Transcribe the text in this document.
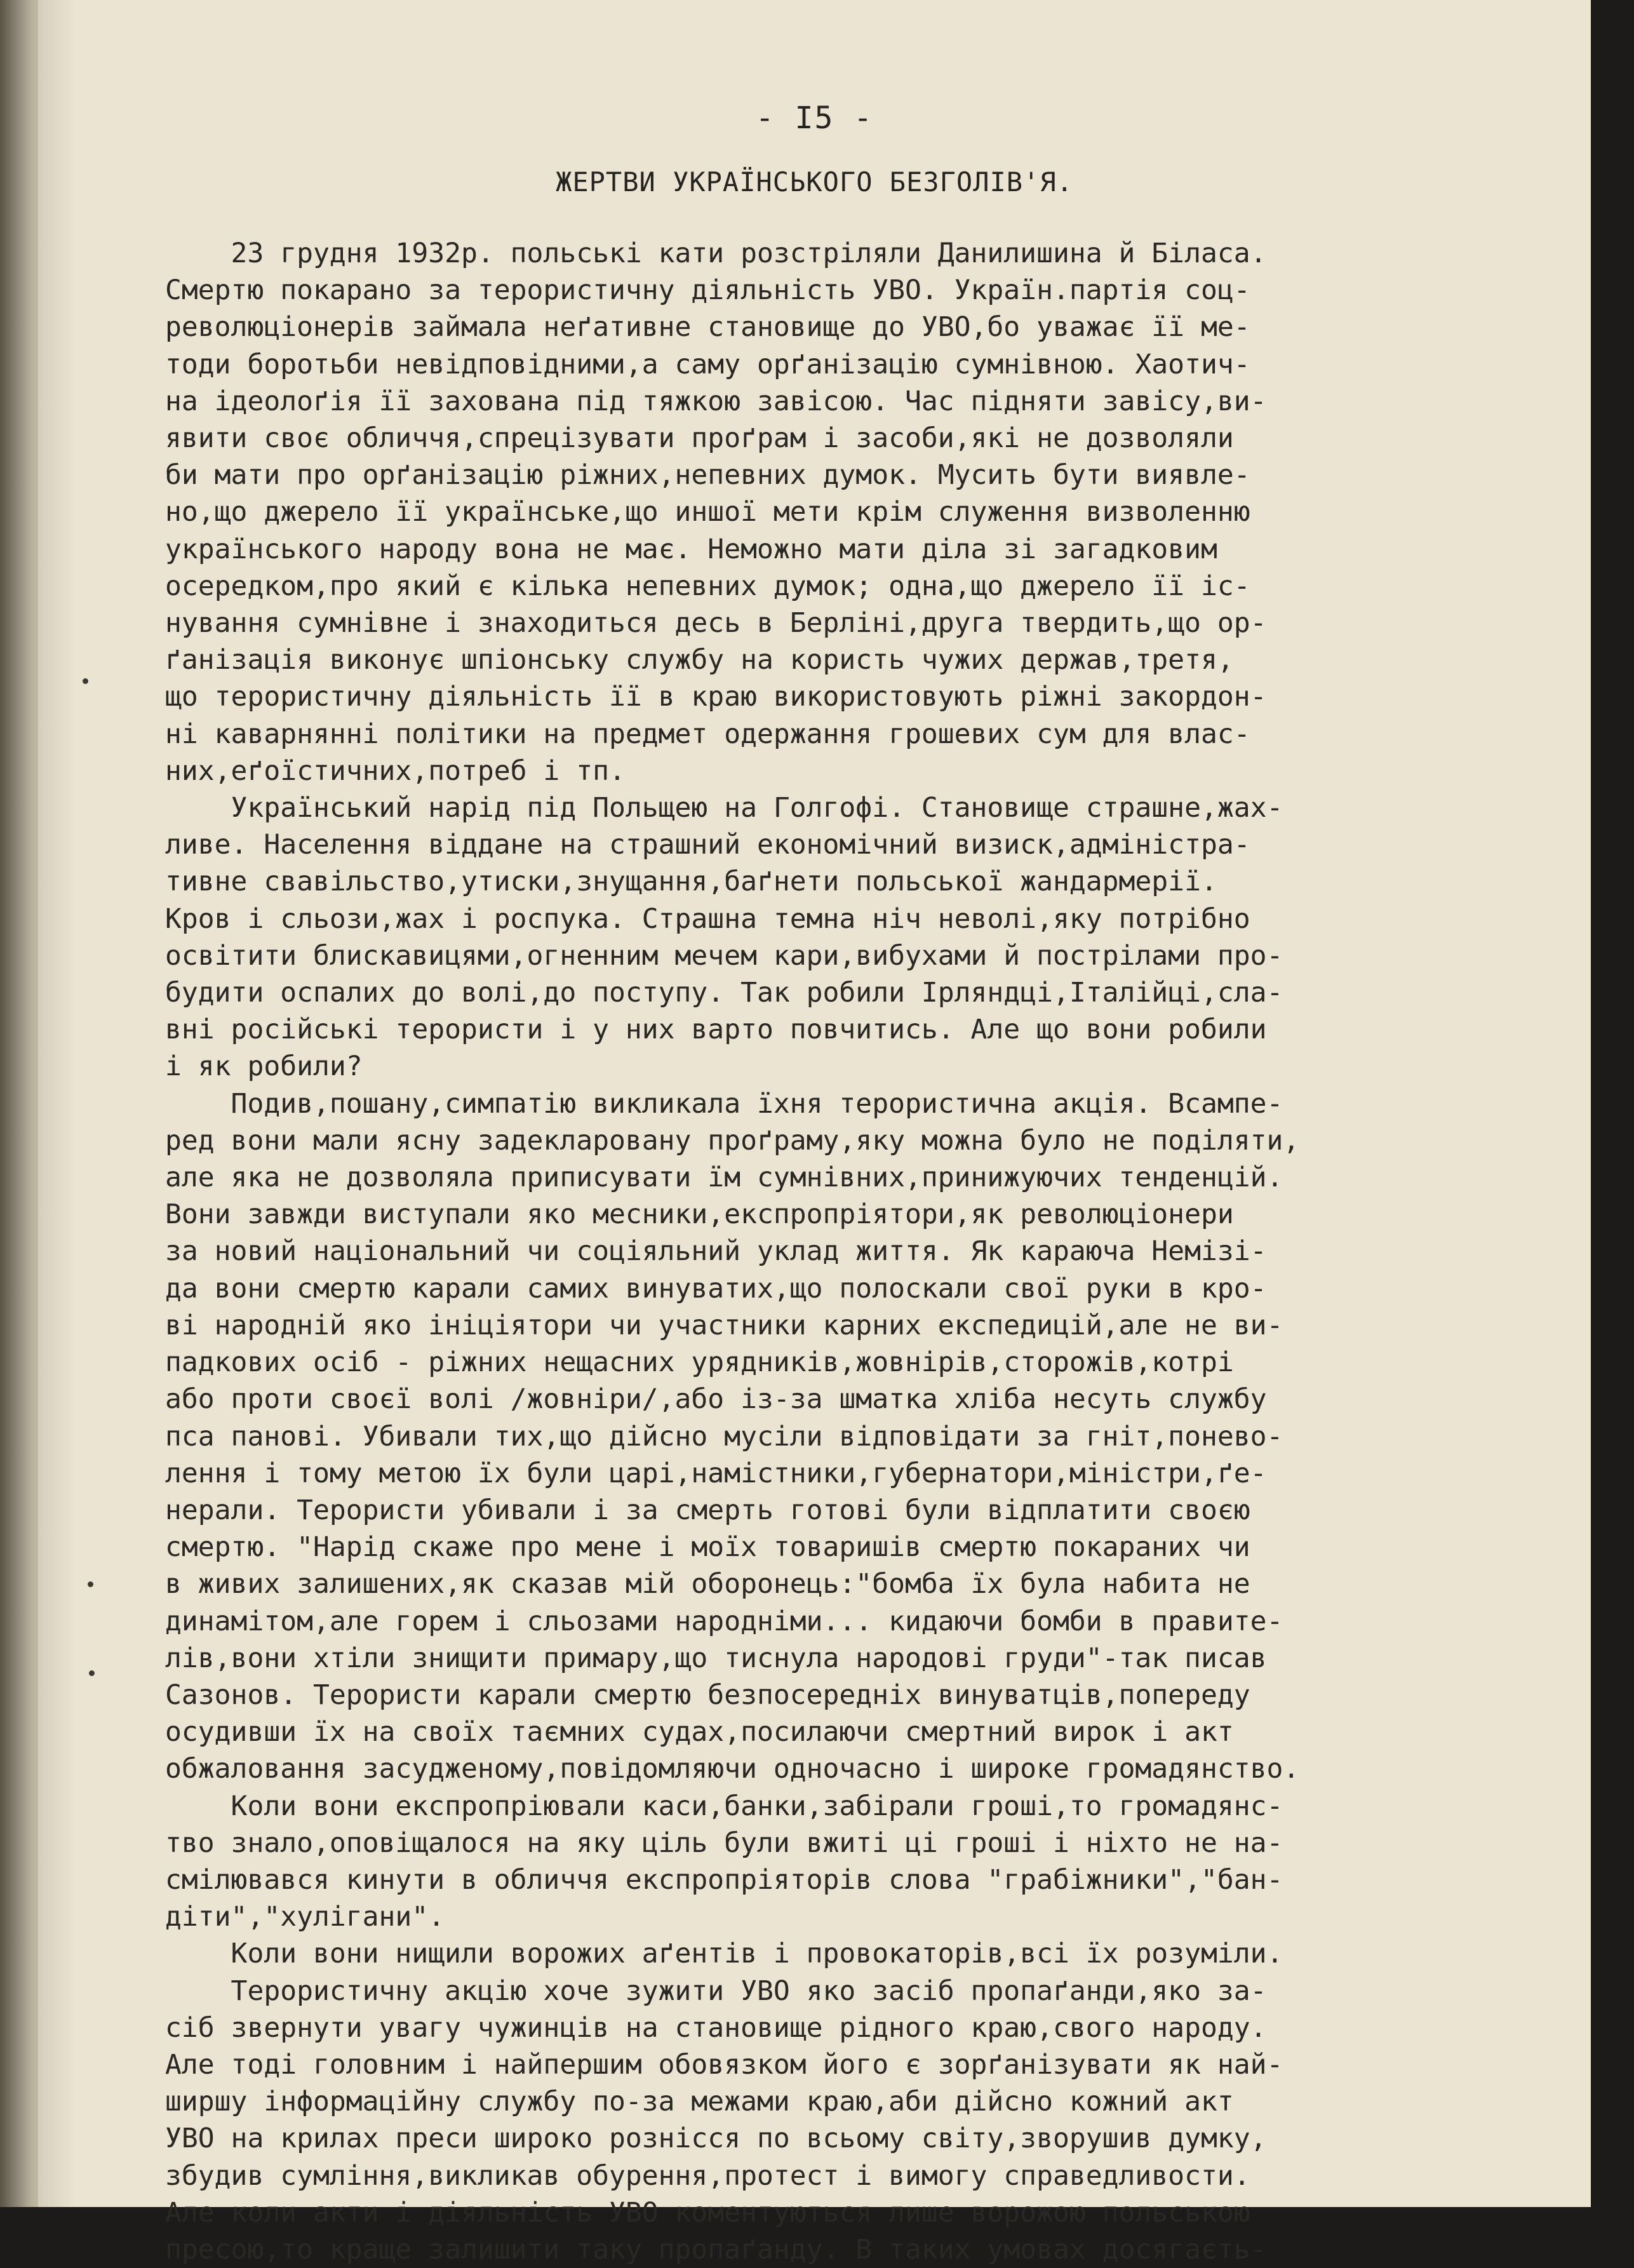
- I5 -
ЖЕРТВИ УКРАЇНСЬКОГО БЕЗГОЛІВ'Я.
23 грудня 1932р. польські кати розстріляли Данилишина й Біласа.
Смертю покарано за терористичну діяльність УВО. Україн.партія соц-
революціонерів займала неґативне становище до УВО,бо уважає її ме-
тоди боротьби невідповідними,а саму орґанізацію сумнівною. Хаотич-
на ідеолоґія її захована під тяжкою завісою. Час підняти завісу,ви-
явити своє обличчя,спрецізувати проґрам і засоби,які не дозволяли
би мати про орґанізацію ріжних,непевних думок. Мусить бути виявле-
но,що джерело її українське,що иншої мети крім служення визволенню
українського народу вона не має. Неможно мати діла зі загадковим
осередком,про який є кілька непевних думок; одна,що джерело її іс-
нування сумнівне і знаходиться десь в Берліні,друга твердить,що ор-
ґанізація виконує шпіонську службу на користь чужих держав,третя,
що терористичну діяльність її в краю використовують ріжні закордон-
ні каварнянні політики на предмет одержання грошевих сум для влас-
них,еґоїстичних,потреб і тп.
Український нарід під Польщею на Голгофі. Становище страшне,жах-
ливе. Населення віддане на страшний економічний визиск,адміністра-
тивне свавільство,утиски,знущання,баґнети польської жандармерії.
Кров і сльози,жах і роспука. Страшна темна ніч неволі,яку потрібно
освітити блискавицями,огненним мечем кари,вибухами й пострілами про-
будити оспалих до волі,до поступу. Так робили Ірляндці,Італійці,сла-
вні російські терористи і у них варто повчитись. Але що вони робили
і як робили?
Подив,пошану,симпатію викликала їхня терористична акція. Всампе-
ред вони мали ясну задекларовану проґраму,яку можна було не поділяти,
але яка не дозволяла приписувати їм сумнівних,принижуючих тенденцій.
Вони завжди виступали яко месники,експропріятори,як революціонери
за новий національний чи соціяльний уклад життя. Як караюча Немізі-
да вони смертю карали самих винуватих,що полоскали свої руки в кро-
ві народній яко ініціятори чи участники карних експедицій,але не ви-
падкових осіб - ріжних нещасних урядників,жовнірів,сторожів,котрі
або проти своєї волі /жовніри/,або із-за шматка хліба несуть службу
пса панові. Убивали тих,що дійсно мусіли відповідати за гніт,понево-
лення і тому метою їх були царі,намістники,губернатори,міністри,ґе-
нерали. Терористи убивали і за смерть готові були відплатити своєю
смертю. "Нарід скаже про мене і моїх товаришів смертю покараних чи
в живих залишених,як сказав мій оборонець:"бомба їх була набита не
динамітом,але горем і сльозами народніми... кидаючи бомби в правите-
лів,вони хтіли знищити примару,що тиснула народові груди"-так писав
Сазонов. Терористи карали смертю безпосередніх винуватців,попереду
осудивши їх на своїх таємних судах,посилаючи смертний вирок і акт
обжаловання засудженому,повідомляючи одночасно і широке громадянство.
Коли вони експропріювали каси,банки,забірали гроші,то громадянс-
тво знало,оповіщалося на яку ціль були вжиті ці гроші і ніхто не на-
смілювався кинути в обличчя експропріяторів слова "грабіжники","бан-
діти","хулігани".
Коли вони нищили ворожих аґентів і провокаторів,всі їх розуміли.
Терористичну акцію хоче зужити УВО яко засіб пропаґанди,яко за-
сіб звернути увагу чужинців на становище рідного краю,свого народу.
Але тоді головним і найпершим обовязком його є зорґанізувати як най-
ширшу інформаційну службу по-за межами краю,аби дійсно кожний акт
УВО на крилах преси широко рознісся по всьому світу,зворушив думку,
збудив сумління,викликав обурення,протест і вимогу справедливости.
Але коли акти і діяльність УВО коментуються лише ворожою польською
пресою,то краще залишити таку пропаґанду. В таких умовах досягаєть-
